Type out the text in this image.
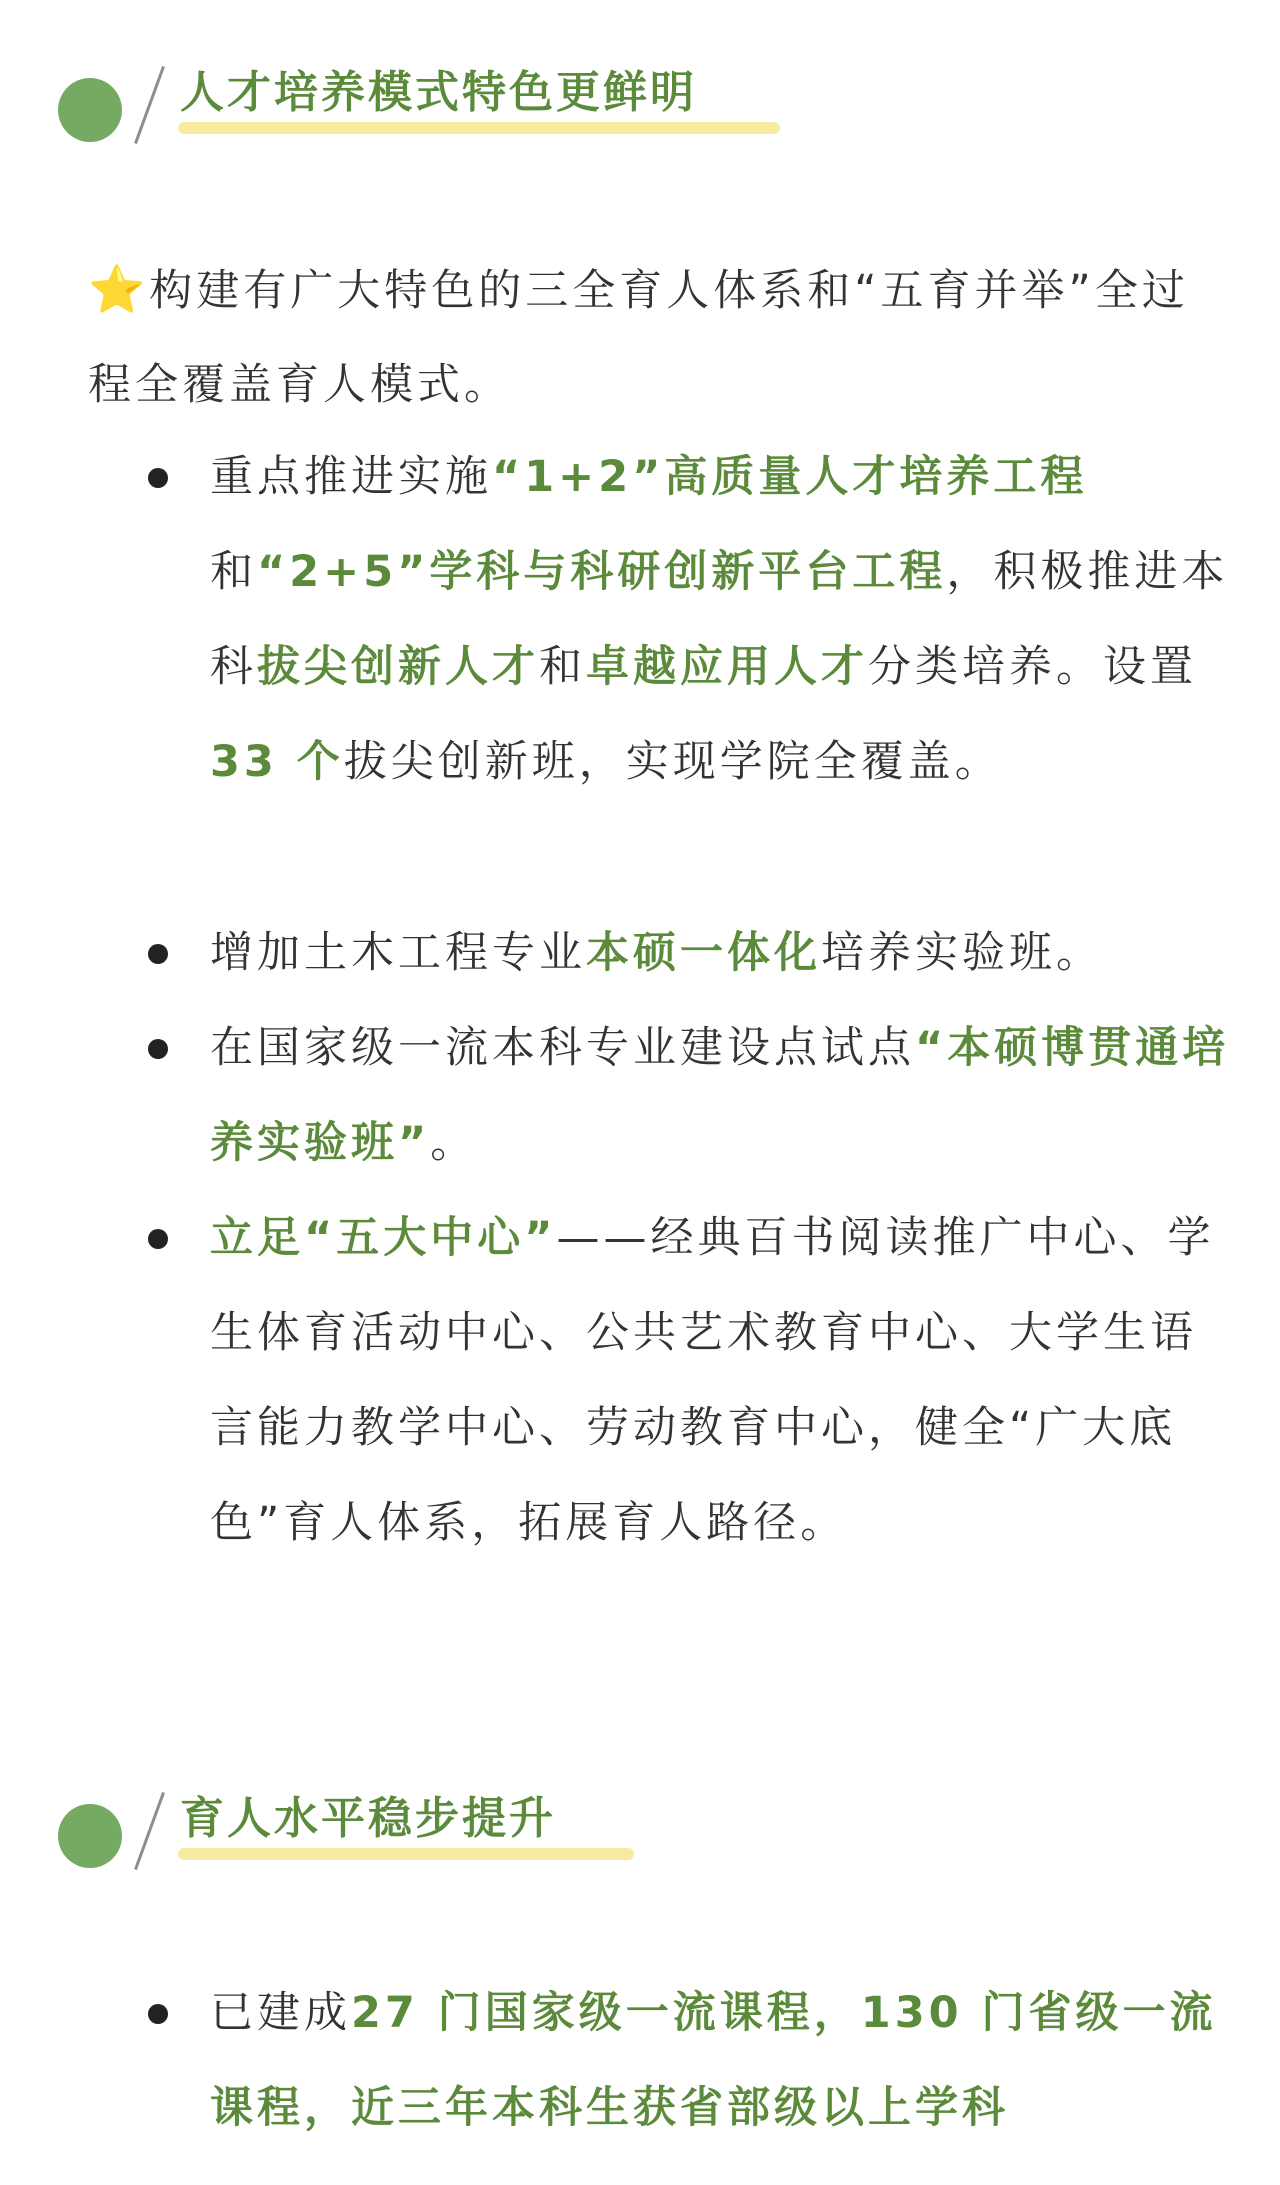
人才培养模式特色更鲜明
⭐构建有广大特色的三全育人体系和“五育并举”全过程全覆盖育人模式。
重点推进实施“1+2”高质量人才培养工程和“2+5”学科与科研创新平台工程，积极推进本科拔尖创新人才和卓越应用人才分类培养。设置 33 个拔尖创新班，实现学院全覆盖。
增加土木工程专业本硕一体化培养实验班。
在国家级一流本科专业建设点试点“本硕博贯通培养实验班”。
立足“五大中心”——经典百书阅读推广中心、学生体育活动中心、公共艺术教育中心、大学生语言能力教学中心、劳动教育中心，健全“广大底色”育人体系，拓展育人路径。
育人水平稳步提升
已建成27 门国家级一流课程，130 门省级一流课程，近三年本科生获省部级以上学科
